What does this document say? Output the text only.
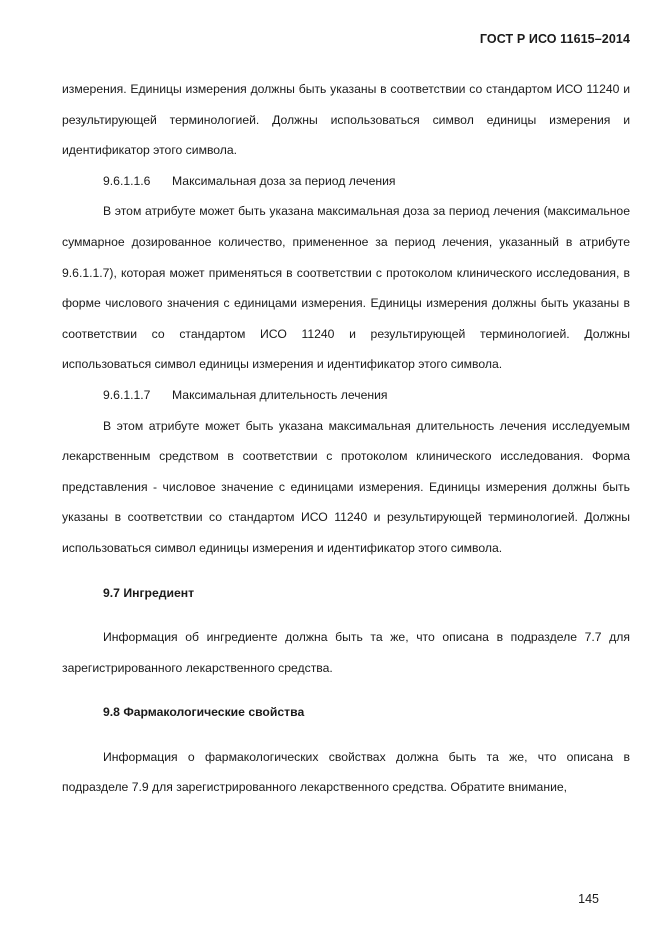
ГОСТ Р ИСО 11615–2014

измерения. Единицы измерения должны быть указаны в соответствии со стандартом ИСО 11240 и результирующей терминологией. Должны использоваться символ единицы измерения и идентификатор этого символа.

9.6.1.1.6 Максимальная доза за период лечения

В этом атрибуте может быть указана максимальная доза за период лечения (максимальное суммарное дозированное количество, примененное за период лечения, указанный в атрибуте 9.6.1.1.7), которая может применяться в соответствии с протоколом клинического исследования, в форме числового значения с единицами измерения. Единицы измерения должны быть указаны в соответствии со стандартом ИСО 11240 и результирующей терминологией. Должны использоваться символ единицы измерения и идентификатор этого символа.

9.6.1.1.7 Максимальная длительность лечения

В этом атрибуте может быть указана максимальная длительность лечения исследуемым лекарственным средством в соответствии с протоколом клинического исследования. Форма представления - числовое значение с единицами измерения. Единицы измерения должны быть указаны в соответствии со стандартом ИСО 11240 и результирующей терминологией. Должны использоваться символ единицы измерения и идентификатор этого символа.

9.7 Ингредиент

Информация об ингредиенте должна быть та же, что описана в подразделе 7.7 для зарегистрированного лекарственного средства.

9.8 Фармакологические свойства

Информация о фармакологических свойствах должна быть та же, что описана в подразделе 7.9 для зарегистрированного лекарственного средства. Обратите внимание,

145
